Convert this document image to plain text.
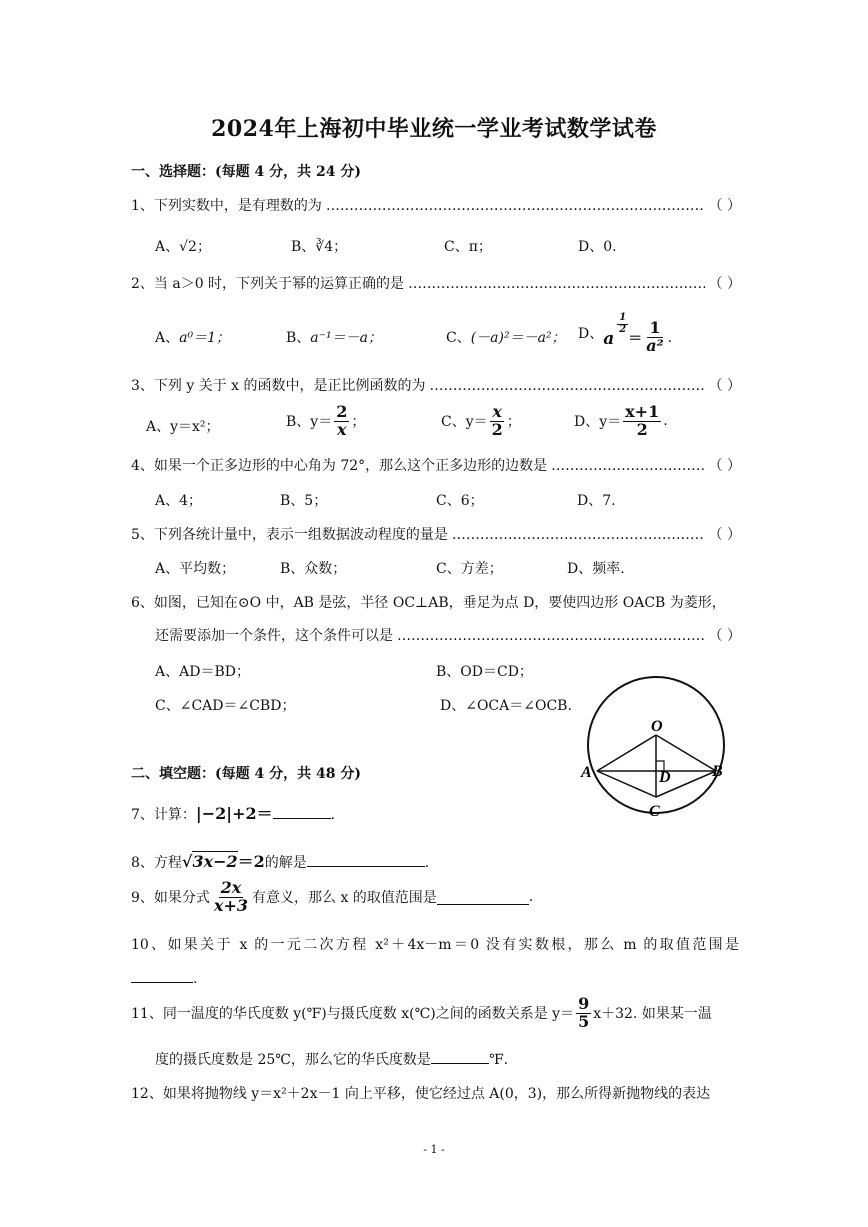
2024年上海初中毕业统一学业考试数学试卷
一、选择题：(每题 4 分，共 24 分)
1、下列实数中，是有理数的为 ……………………………………………………………………………………………………………………………………………	（ ）
A、√2；	B、∛4；	C、π；	D、0.
2、当 a＞0 时，下列关于幂的运算正确的是 ……………………………………………………………………………………………………………………………………………	（ ）
A、a⁰＝1；	B、a⁻¹＝－a；	C、(－a)²＝－a²； D、 a
$\frac{1}{2}$
＝ $\frac{1}{\text{a²}}$ .
3、下列 y 关于 x 的函数中，是正比例函数的为 ……………………………………………………………………………………………………………………………………………	（ ）
A、y＝x²；	B、$y= \frac{2}{x}$ ；	C、$y= \frac{x}{2}$ ；	D、$y= \frac{x+1}{2}$ .
4、如果一个正多边形的中心角为 72°，那么这个正多边形的边数是 ……………………………………………………………………………………………………………………………………………	（ ）
A、4；	B、5；	C、6；	D、7.
5、下列各统计量中，表示一组数据波动程度的量是 ……………………………………………………………………………………………………………………………………………	（ ）
A、平均数；	B、众数；	C、方差；	D、频率.
6、如图，已知在⊙O 中，AB 是弦，半径 OC⊥AB，垂足为点 D，要使四边形 OACB 为菱形，
还需要添加一个条件，这个条件可以是 ……………………………………………………………………………………………………………………………………………	（ ）
A、AD＝BD；	B、OD＝CD；
C、∠CAD＝∠CBD；	D、∠OCA＝∠OCB.
O
A	B
C
D
二、填空题：(每题 4 分，共 48 分)
7、计算：|−2|+2＝	.
8、方程√3x−2＝2的解是	.
9、如果分式 $\frac{2x}{x+3}$ 有意义，那么 x 的取值范围是	.
10、如果关于 x 的一元二次方程 x²＋4x－m＝0 没有实数根，那么 m 的取值范围是
.
11、同一温度的华氏度数 y(℉)与摄氏度数 x(℃)之间的函数关系是 $y= \frac{9}{5} x+32$. 如果某一温
度的摄氏度数是 25℃，那么它的华氏度数是	℉.
12、如果将抛物线 y＝x²＋2x－1 向上平移，使它经过点 A(0，3)，那么所得新抛物线的表达
- 1 -
